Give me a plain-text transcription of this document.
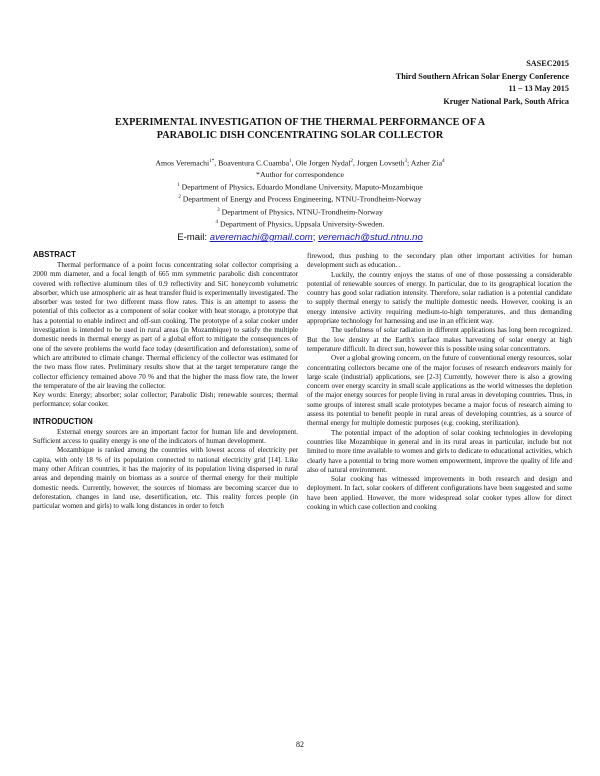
SASEC2015
Third Southern African Solar Energy Conference
11 – 13 May 2015
Kruger National Park, South Africa
EXPERIMENTAL INVESTIGATION OF THE THERMAL PERFORMANCE OF A
PARABOLIC DISH CONCENTRATING SOLAR COLLECTOR
Amos Veremachi$^{1*}$, Boaventura C.Cuamba$^1$, Ole Jorgen Nydal$^2$, Jorgen Lovseth$^3$; Azher Zia$^4$
*Author for correspondence
$^1$ Department of Physics, Eduardo Mondlane University, Maputo-Mozambique
$^2$ Department of Energy and Process Engineering, NTNU-Trondheim-Norway
$^3$ Department of Physics, NTNU-Trondheim-Norway
$^4$ Department of Physics, Uppsala University-Sweden.
E-mail: averemachi@gmail.com; veremach@stud.ntnu.no
ABSTRACT

Thermal performance of a point focus concentrating solar collector comprising a 2000 mm diameter, and a focal length of 665 mm symmetric parabolic dish concentrator covered with reflective aluminum tiles of 0.9 reflectivity and SiC honeycomb volumetric absorber, which use atmospheric air as heat transfer fluid is experimentally investigated. The absorber was tested for two different mass flow rates. This is an attempt to assess the potential of this collector as a component of solar cooker with heat storage, a prototype that has a potential to enable indirect and off-sun cooking. The prototype of a solar cooker under investigation is intended to be used in rural areas (in Mozambique) to satisfy the multiple domestic needs in thermal energy as part of a global effort to mitigate the consequences of one of the severe problems the world face today (desertification and deforestation), some of which are attributed to climate change. Thermal efficiency of the collector was estimated for the two mass flow rates. Preliminary results show that at the target temperature range the collector efficiency remained above 70 % and that the higher the mass flow rate, the lower the temperature of the air leaving the collector.

Key words: Energy; absorber; solar collector; Parabolic Dish; renewable sources; thermal performance; solar cooker.

INTRODUCTION

External energy sources are an important factor for human life and development. Sufficient access to quality energy is one of the indicators of human development.

Mozambique is ranked among the countries with lowest access of electricity per capita, with only 18 % of its population connected to national electricity grid [14]. Like many other African countries, it has the majority of its population living dispersed in rural areas and depending mainly on biomass as a source of thermal energy for their multiple domestic needs. Currently, however, the sources of biomass are becoming scarcer due to deforestation, changes in land use, desertification, etc. This reality forces people (in particular women and girls) to walk long distances in order to fetch

firewood, thus pushing to the secondary plan other important activities for human development such as education. .

Luckily, the country enjoys the status of one of those possessing a considerable potential of renewable sources of energy. In particular, due to its geographical location the country has good solar radiation intensity. Therefore, solar radiation is a potential candidate to supply thermal energy to satisfy the multiple domestic needs. However, cooking is an energy intensive activity requiring medium-to-high temperatures, and thus demanding appropriate technology for harnessing and use in an efficient way.

The usefulness of solar radiation in different applications has long been recognized. But the low density at the Earth's surface makes harvesting of solar energy at high temperature difficult. In direct sun, however this is possible using solar concentrators.

Over a global growing concern, on the future of conventional energy resources, solar concentrating collectors became one of the major focuses of research endeavors mainly for large scale (industrial) applications, see [2-3] Currently, however there is also a growing concern over energy scarcity in small scale applications as the world witnesses the depletion of the major energy sources for people living in rural areas in developing countries. Thus, in some groups of interest small scale prototypes became a major focus of research aiming to assess its potential to benefit people in rural areas of developing countries, as a source of thermal energy for multiple domestic purposes (e.g. cooking, sterilization).

The potential impact of the adoption of solar cooking technologies in developing countries like Mozambique in general and in its rural areas in particular, include but not limited to more time available to women and girls to dedicate to educational activities, which clearly have a potential to bring more women empowerment, improve the quality of life and also of natural environment.

Solar cooking has witnessed improvements in both research and design and deployment. In fact, solar cookers of different configurations have been suggested and some have been applied. However, the more widespread solar cooker types allow for direct cooking in which case collection and cooking

82
